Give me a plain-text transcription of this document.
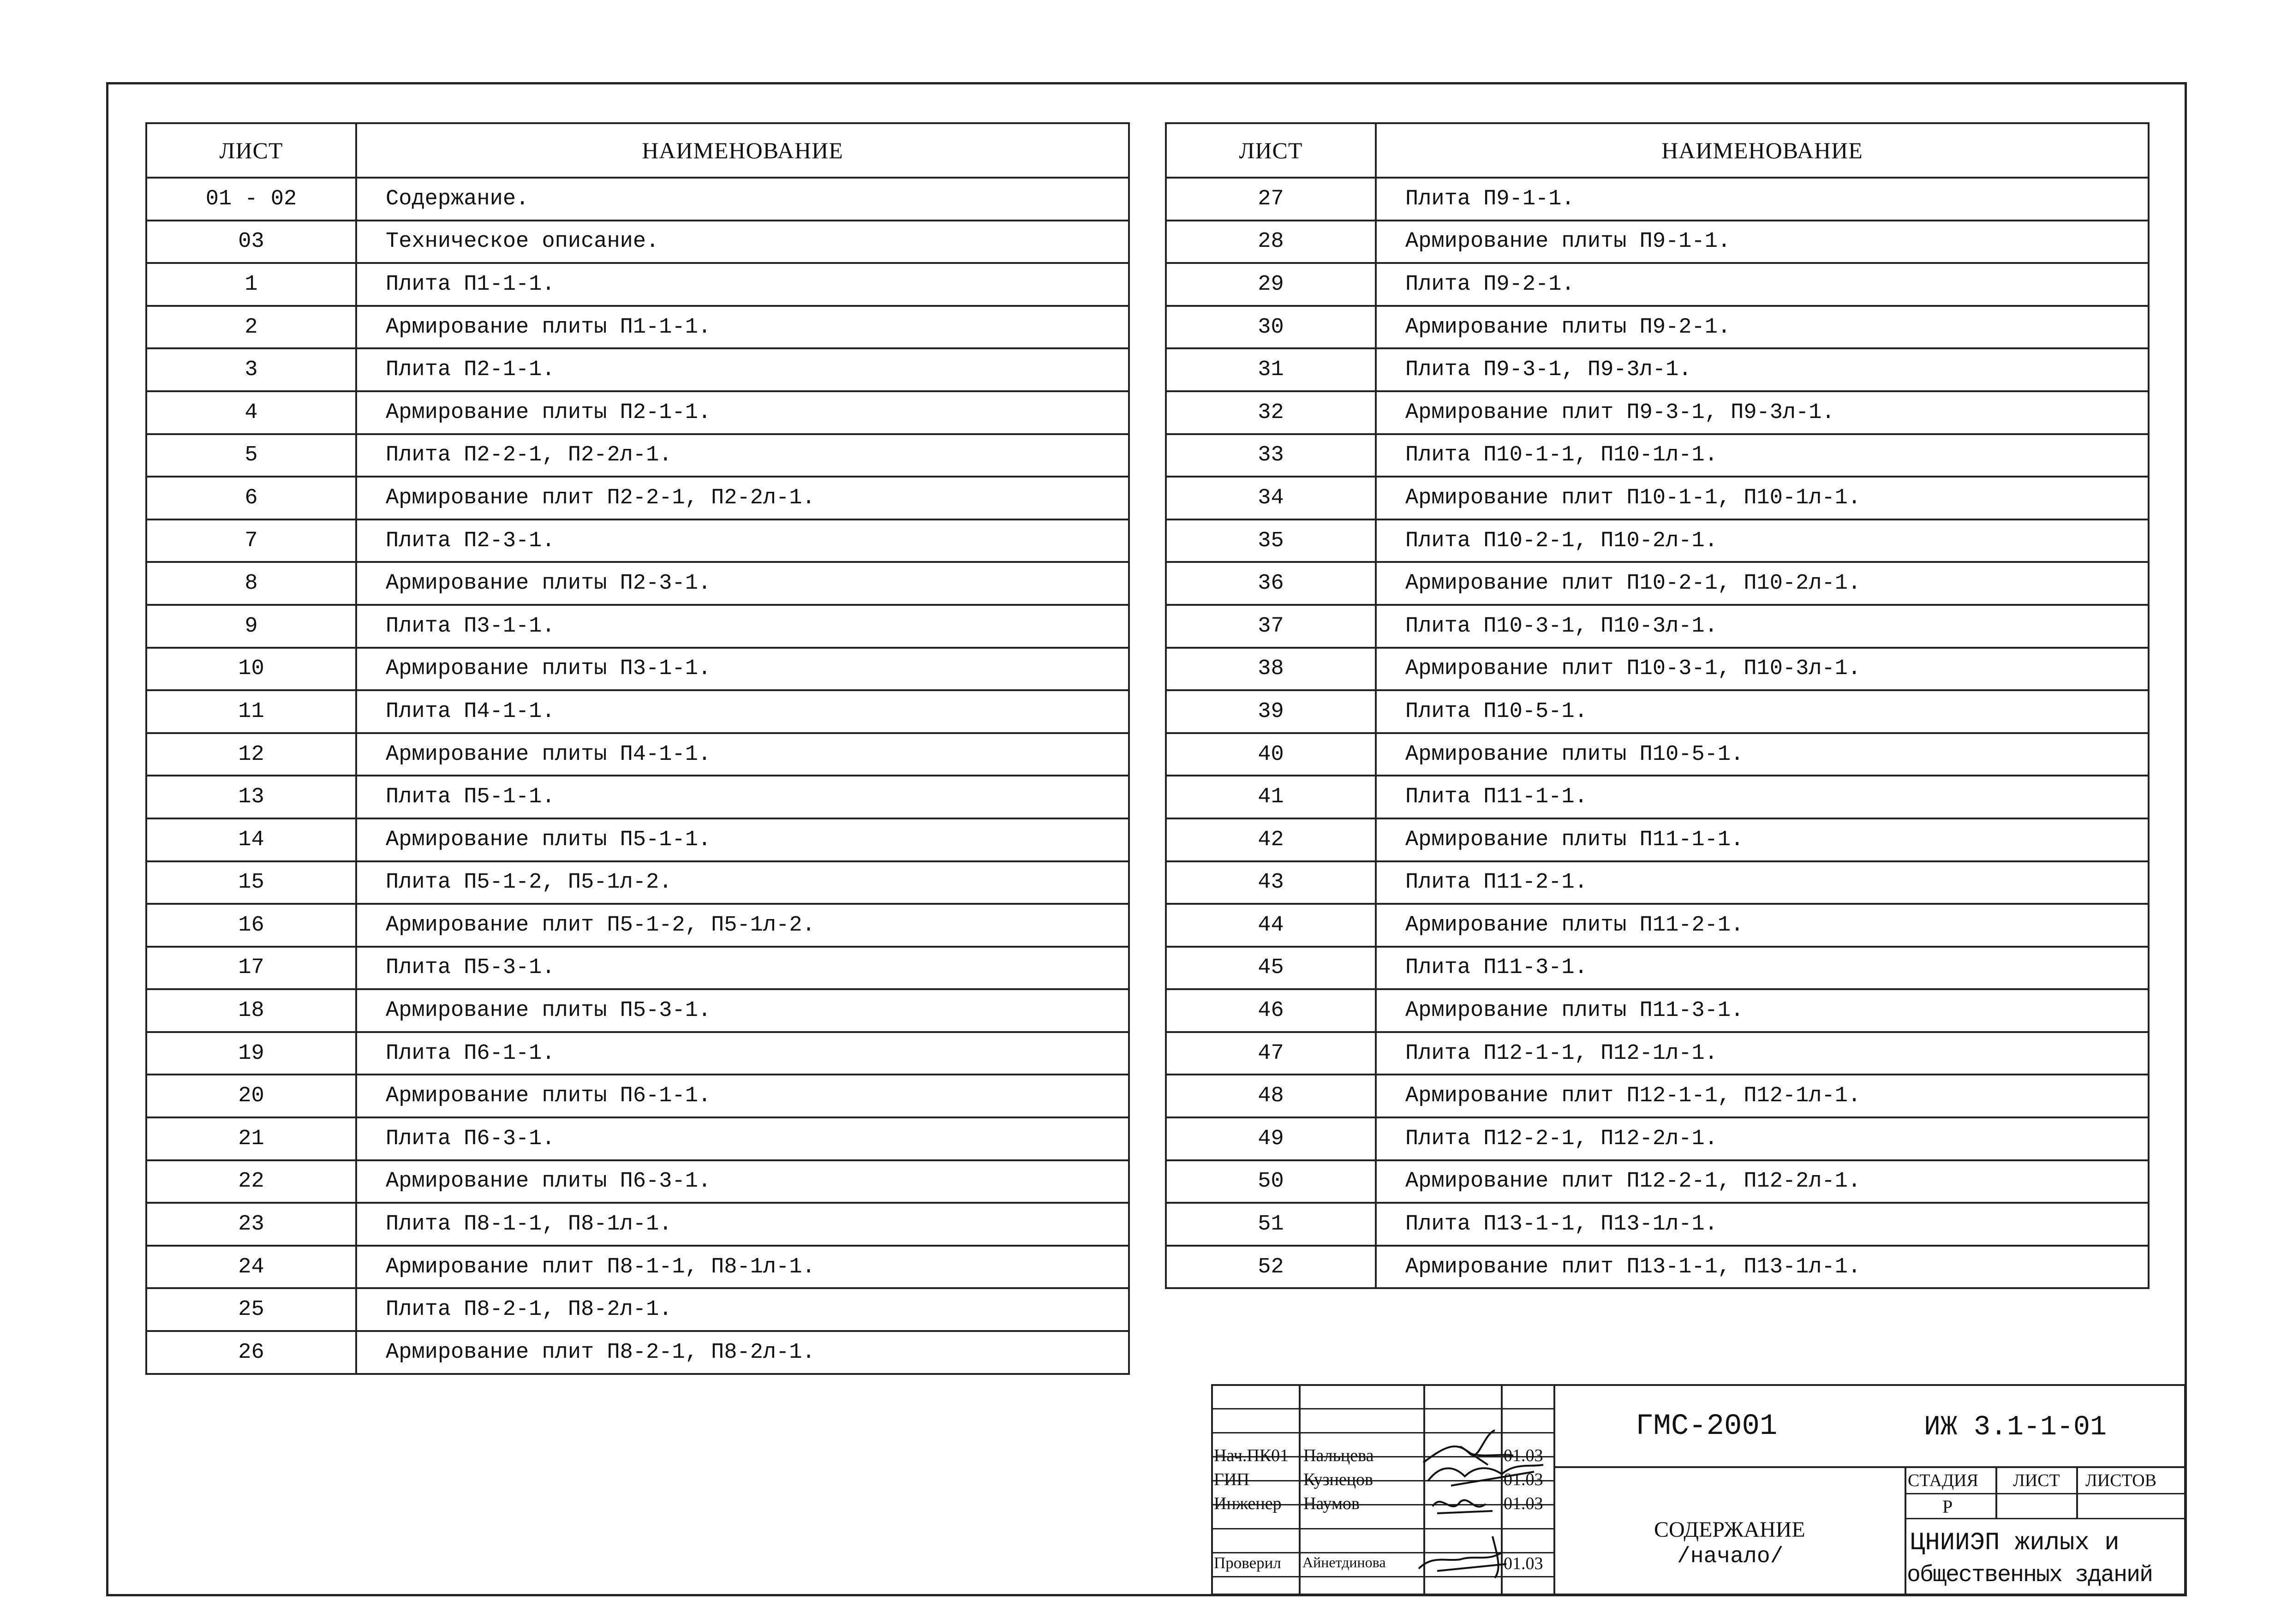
ЛИСТ	НАИМЕНОВАНИЕ
01 - 02	Содержание.
03	Техническое описание.
1	Плита П1-1-1.
2	Армирование плиты П1-1-1.
3	Плита П2-1-1.
4	Армирование плиты П2-1-1.
5	Плита П2-2-1, П2-2л-1.
6	Армирование плит П2-2-1, П2-2л-1.
7	Плита П2-3-1.
8	Армирование плиты П2-3-1.
9	Плита П3-1-1.
10	Армирование плиты П3-1-1.
11	Плита П4-1-1.
12	Армирование плиты П4-1-1.
13	Плита П5-1-1.
14	Армирование плиты П5-1-1.
15	Плита П5-1-2, П5-1л-2.
16	Армирование плит П5-1-2, П5-1л-2.
17	Плита П5-3-1.
18	Армирование плиты П5-3-1.
19	Плита П6-1-1.
20	Армирование плиты П6-1-1.
21	Плита П6-3-1.
22	Армирование плиты П6-3-1.
23	Плита П8-1-1, П8-1л-1.
24	Армирование плит П8-1-1, П8-1л-1.
25	Плита П8-2-1, П8-2л-1.
26	Армирование плит П8-2-1, П8-2л-1.
ЛИСТ	НАИМЕНОВАНИЕ
27	Плита П9-1-1.
28	Армирование плиты П9-1-1.
29	Плита П9-2-1.
30	Армирование плиты П9-2-1.
31	Плита П9-3-1, П9-3л-1.
32	Армирование плит П9-3-1, П9-3л-1.
33	Плита П10-1-1, П10-1л-1.
34	Армирование плит П10-1-1, П10-1л-1.
35	Плита П10-2-1, П10-2л-1.
36	Армирование плит П10-2-1, П10-2л-1.
37	Плита П10-3-1, П10-3л-1.
38	Армирование плит П10-3-1, П10-3л-1.
39	Плита П10-5-1.
40	Армирование плиты П10-5-1.
41	Плита П11-1-1.
42	Армирование плиты П11-1-1.
43	Плита П11-2-1.
44	Армирование плиты П11-2-1.
45	Плита П11-3-1.
46	Армирование плиты П11-3-1.
47	Плита П12-1-1, П12-1л-1.
48	Армирование плит П12-1-1, П12-1л-1.
49	Плита П12-2-1, П12-2л-1.
50	Армирование плит П12-2-1, П12-2л-1.
51	Плита П13-1-1, П13-1л-1.
52	Армирование плит П13-1-1, П13-1л-1.
Нач.ПК01 Пальцева	01.03
ГИП	Кузнецов	01.03
Инженер Наумов	01.03
Проверил Айнетдинова	01.03
ГМС-2001	ИЖ 3.1-1-01
СОДЕРЖАНИЕ
/начало/
СТАДИЯ ЛИСТ ЛИСТОВ
Р
ЦНИИЭП жилых и
общественных зданий
